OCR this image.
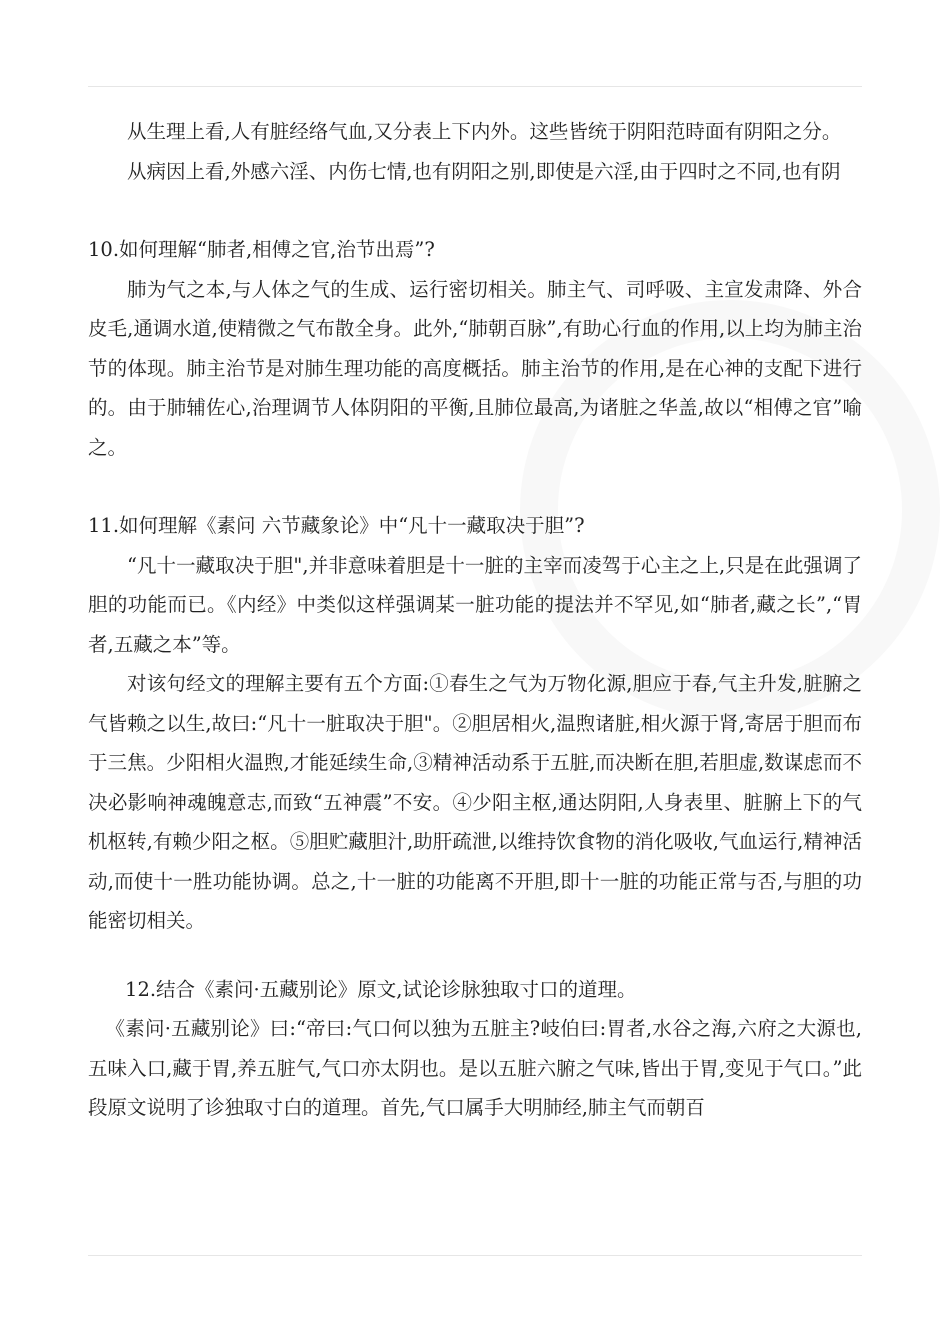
从生理上看,人有脏经络气血,又分表上下内外。这些皆统于阴阳范時面有阴阳之分。

从病因上看,外感六淫、内伤七情,也有阴阳之别,即使是六淫,由于四时之不同,也有阴

10.如何理解“肺者,相傅之官,治节出焉”?

肺为气之本,与人体之气的生成、运行密切相关。肺主气、司呼吸、主宣发肃降、外合皮毛,通调水道,使精微之气布散全身。此外,“肺朝百脉”,有助心行血的作用,以上均为肺主治节的体现。肺主治节是对肺生理功能的高度概括。肺主治节的作用,是在心神的支配下进行的。由于肺辅佐心,治理调节人体阴阳的平衡,且肺位最高,为诸脏之华盖,故以“相傅之官”喻之。

11.如何理解《素问 六节藏象论》中“凡十一藏取决于胆”?

“凡十一藏取决于胆",并非意味着胆是十一脏的主宰而凌驾于心主之上,只是在此强调了胆的功能而已。《内经》中类似这样强调某一脏功能的提法并不罕见,如“肺者,藏之长”,“胃者,五藏之本”等。

对该句经文的理解主要有五个方面:①春生之气为万物化源,胆应于春,气主升发,脏腑之气皆赖之以生,故曰:“凡十一脏取决于胆"。②胆居相火,温煦诸脏,相火源于肾,寄居于胆而布于三焦。少阳相火温煦,才能延续生命,③精神活动系于五脏,而决断在胆,若胆虚,数谋虑而不决必影响神魂魄意志,而致“五神震”不安。④少阳主枢,通达阴阳,人身表里、脏腑上下的气机枢转,有赖少阳之枢。⑤胆贮藏胆汁,助肝疏泄,以维持饮食物的消化吸收,气血运行,精神活动,而使十一胜功能协调。总之,十一脏的功能离不开胆,即十一脏的功能正常与否,与胆的功能密切相关。

12.结合《素问·五藏别论》原文,试论诊脉独取寸口的道理。

《素问·五藏别论》曰:“帝曰:气口何以独为五脏主?岐伯曰:胃者,水谷之海,六府之大源也,五味入口,藏于胃,养五脏气,气口亦太阴也。是以五脏六腑之气味,皆出于胃,变见于气口。”此段原文说明了诊独取寸白的道理。首先,气口属手大明肺经,肺主气而朝百
